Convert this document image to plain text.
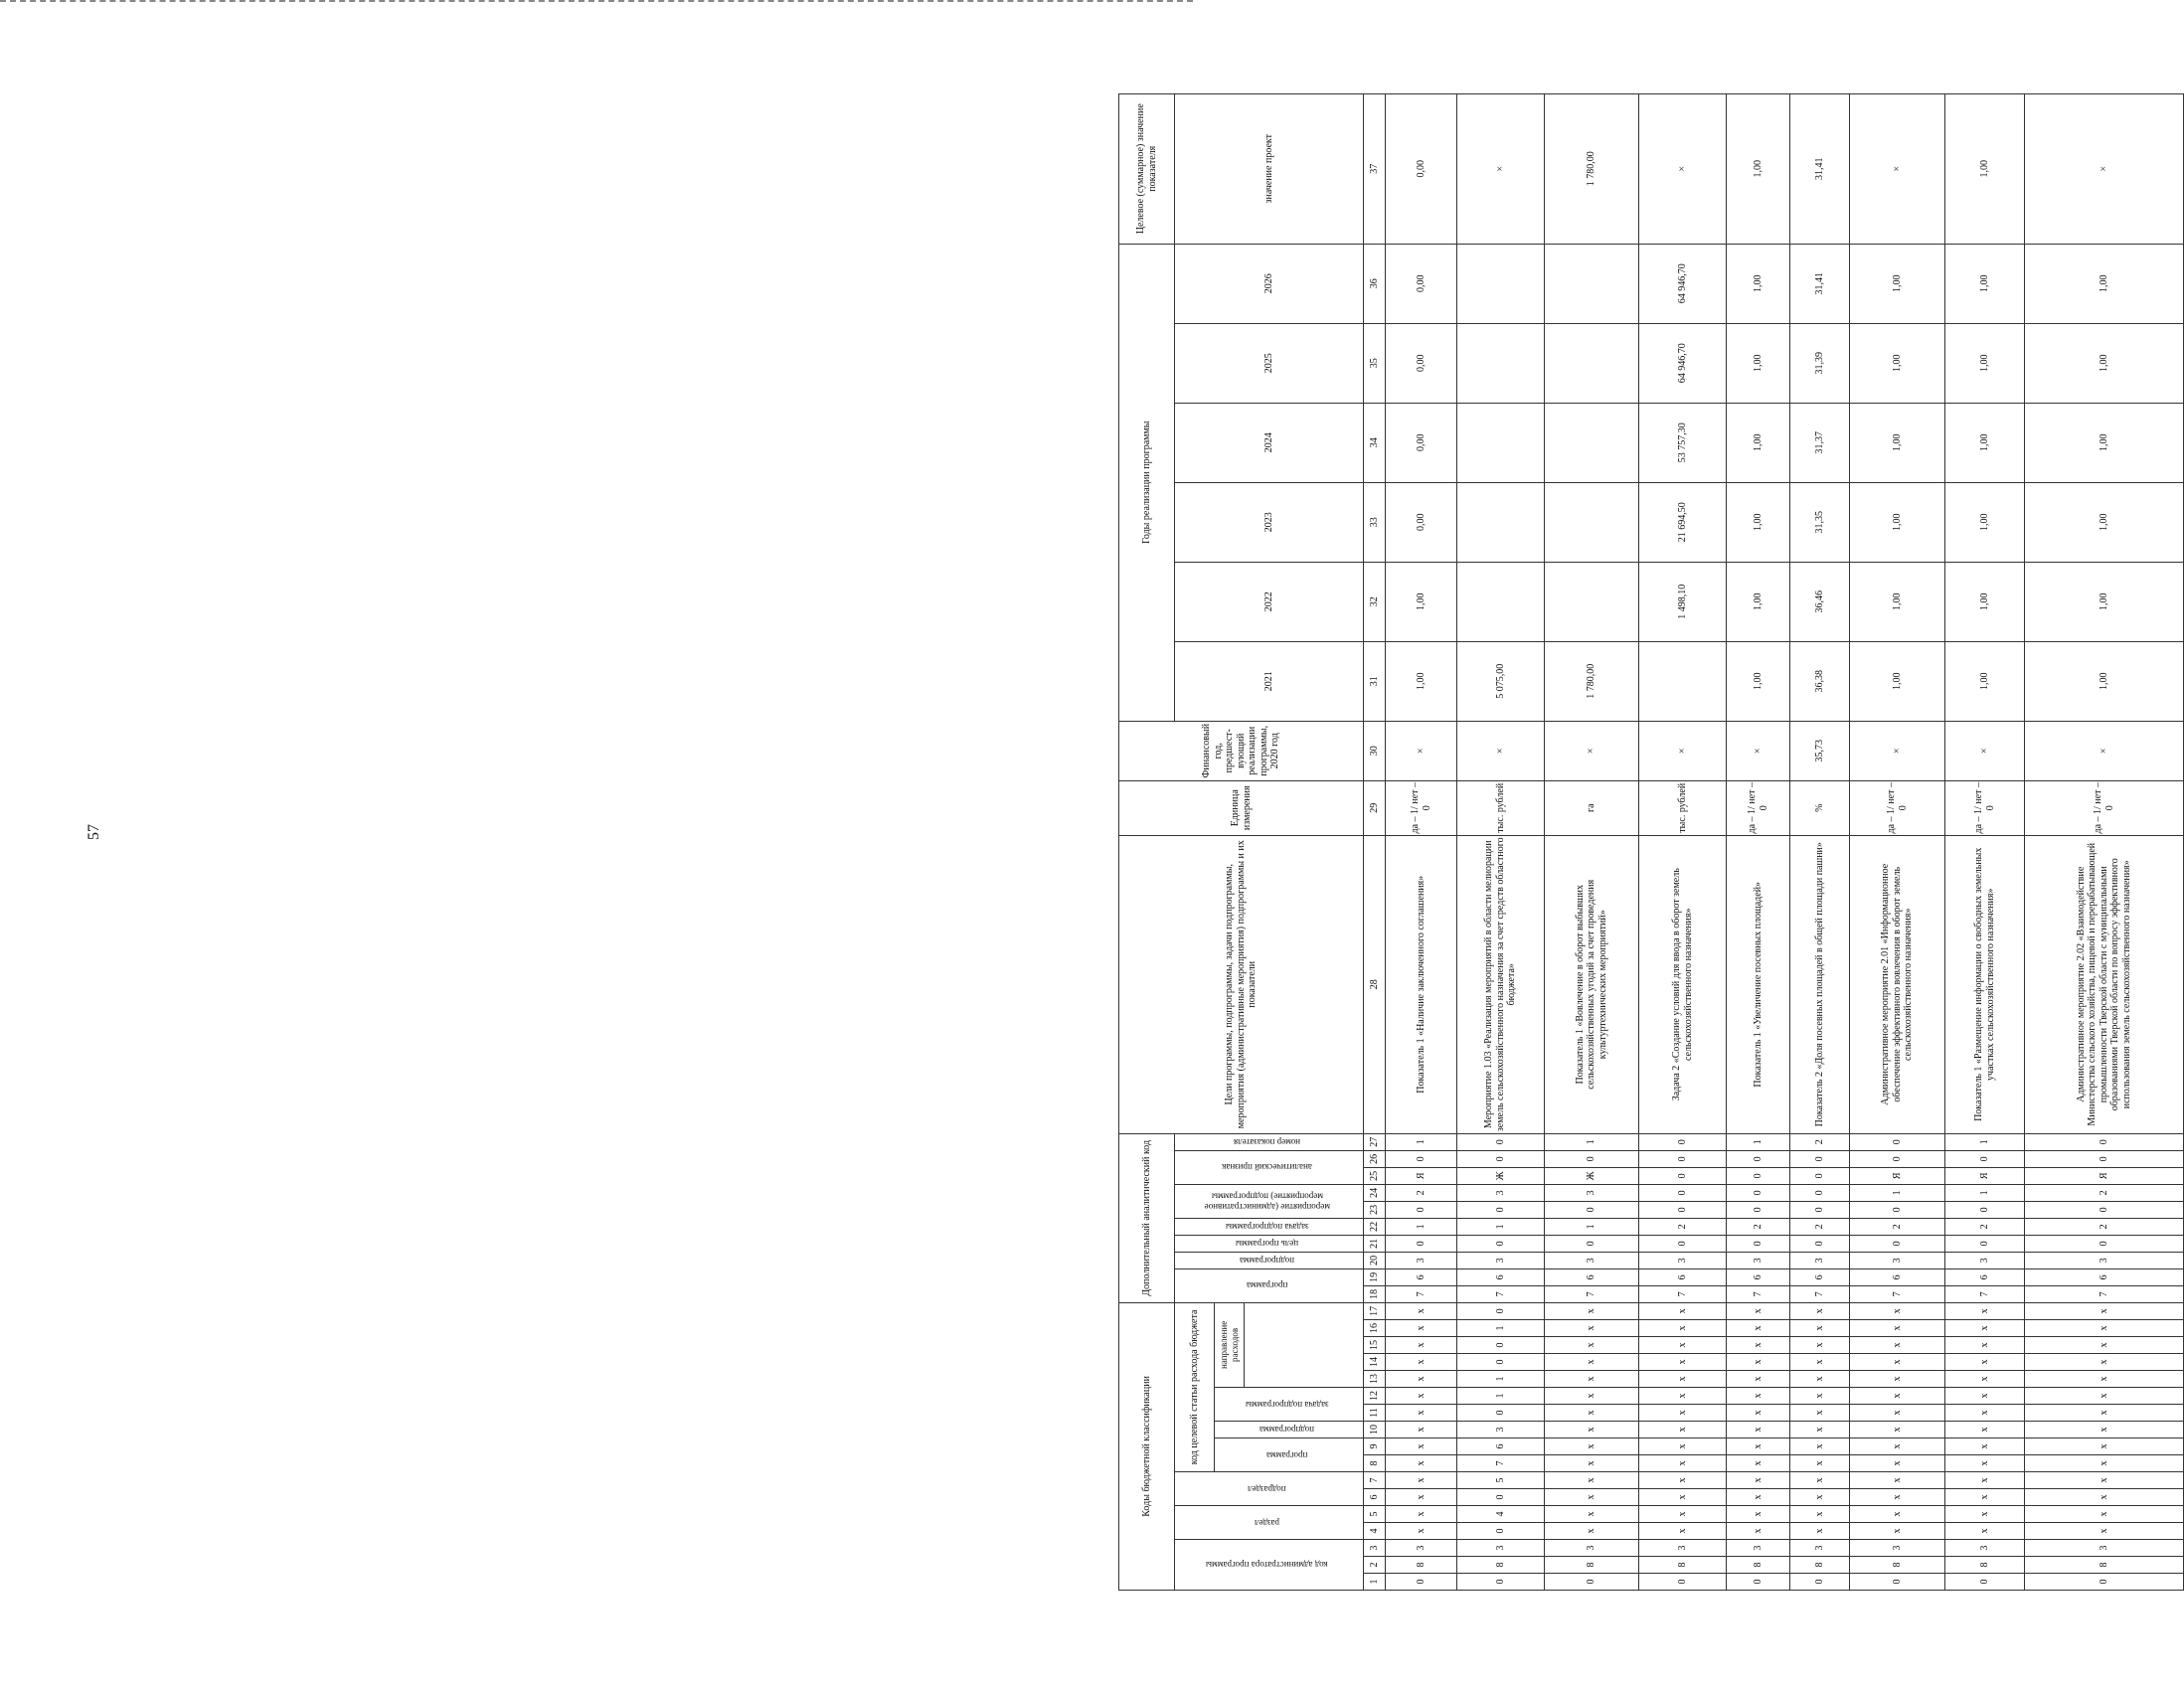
57
Коды бюджетной классификации																	Дополнительный аналитический код										Цели программы, подпрограммы, задачи подпрограммы, мероприятия (административные мероприятия) подпрограммы и их показатели	Единица измерения	Финансовый год, предшест-вующий реализации программы, 2020 год	Годы реализации программы						Целевое (суммарное) значение показателя
код администратора программы			раздел		подраздел		код целевой статьи расхода бюджета										программа		подпрограмма	цель программы	задача подпрограммы	мероприятие (административное мероприятие) подпрограммы		аналитический признак		номер показателя				2021	2022	2023	2024	2025	2026	значение проект
							программа		подпрограмма	задача подпрограммы		направление расходов																								

1	2	3	4	5	6	7	8	9	10	11	12	13	14	15	16	17	18	19	20	21	22	23	24	25	26	27	28	29	30	31	32	33	34	35	36	37
0	8	3	x	x	x	x	x	x	x	x	x	x	x	x	x	x	7	6	3	0	1	0	2	Я	0	1	Показатель 1 «Наличие заключенного соглашения»	да – 1/ нет – 0	×	1,00	1,00	0,00	0,00	0,00	0,00	0,00
0	8	3	0	4	0	5	7	6	3	0	1	1	0	0	1	0	7	6	3	0	1	0	3	Ж	0	0	Мероприятие 1.03 «Реализация мероприятий в области мелиорации земель сельскохозяйственного назначения за счет средств областного бюджета»	тыс. рублей	×	5 075,00						×
0	8	3	x	x	x	x	x	x	x	x	x	x	x	x	x	x	7	6	3	0	1	0	3	Ж	0	1	Показатель 1 «Вовлечение в оборот выбывших сельскохозяйственных угодий за счет проведения культуртехнических мероприятий»	га	×	1 780,00						1 780,00
0	8	3	x	x	x	x	x	x	x	x	x	x	x	x	x	x	7	6	3	0	2	0	0	0	0	0	Задача 2 «Создание условий для ввода в оборот земель сельскохозяйственного назначения»	тыс. рублей	×		1 498,10	21 694,50	53 757,30	64 946,70	64 946,70	×
0	8	3	x	x	x	x	x	x	x	x	x	x	x	x	x	x	7	6	3	0	2	0	0	0	0	1	Показатель 1 «Увеличение посевных площадей»	да – 1/ нет – 0	×	1,00	1,00	1,00	1,00	1,00	1,00	1,00
0	8	3	x	x	x	x	x	x	x	x	x	x	x	x	x	x	7	6	3	0	2	0	0	0	0	2	Показатель 2 «Доля посевных площадей в общей площади пашни»	%	35,73	36,38	36,46	31,35	31,37	31,39	31,41	31,41
0	8	3	x	x	x	x	x	x	x	x	x	x	x	x	x	x	7	6	3	0	2	0	1	Я	0	0	Административное мероприятие 2.01 «Информационное обеспечение эффективного вовлечения в оборот земель сельскохозяйственного назначения»	да – 1/ нет – 0	×	1,00	1,00	1,00	1,00	1,00	1,00	×
0	8	3	x	x	x	x	x	x	x	x	x	x	x	x	x	x	7	6	3	0	2	0	1	Я	0	1	Показатель 1 «Размещение информации о свободных земельных участках сельскохозяйственного назначения»	да – 1/ нет – 0	×	1,00	1,00	1,00	1,00	1,00	1,00	1,00
0	8	3	x	x	x	x	x	x	x	x	x	x	x	x	x	x	7	6	3	0	2	0	2	Я	0	0	Административное мероприятие 2.02 «Взаимодействие Министерства сельского хозяйства, пищевой и перерабатывающей промышленности Тверской области с муниципальными образованиями Тверской области по вопросу эффективного использования земель сельскохозяйственного назначения»	да – 1/ нет – 0	×	1,00	1,00	1,00	1,00	1,00	1,00	×
